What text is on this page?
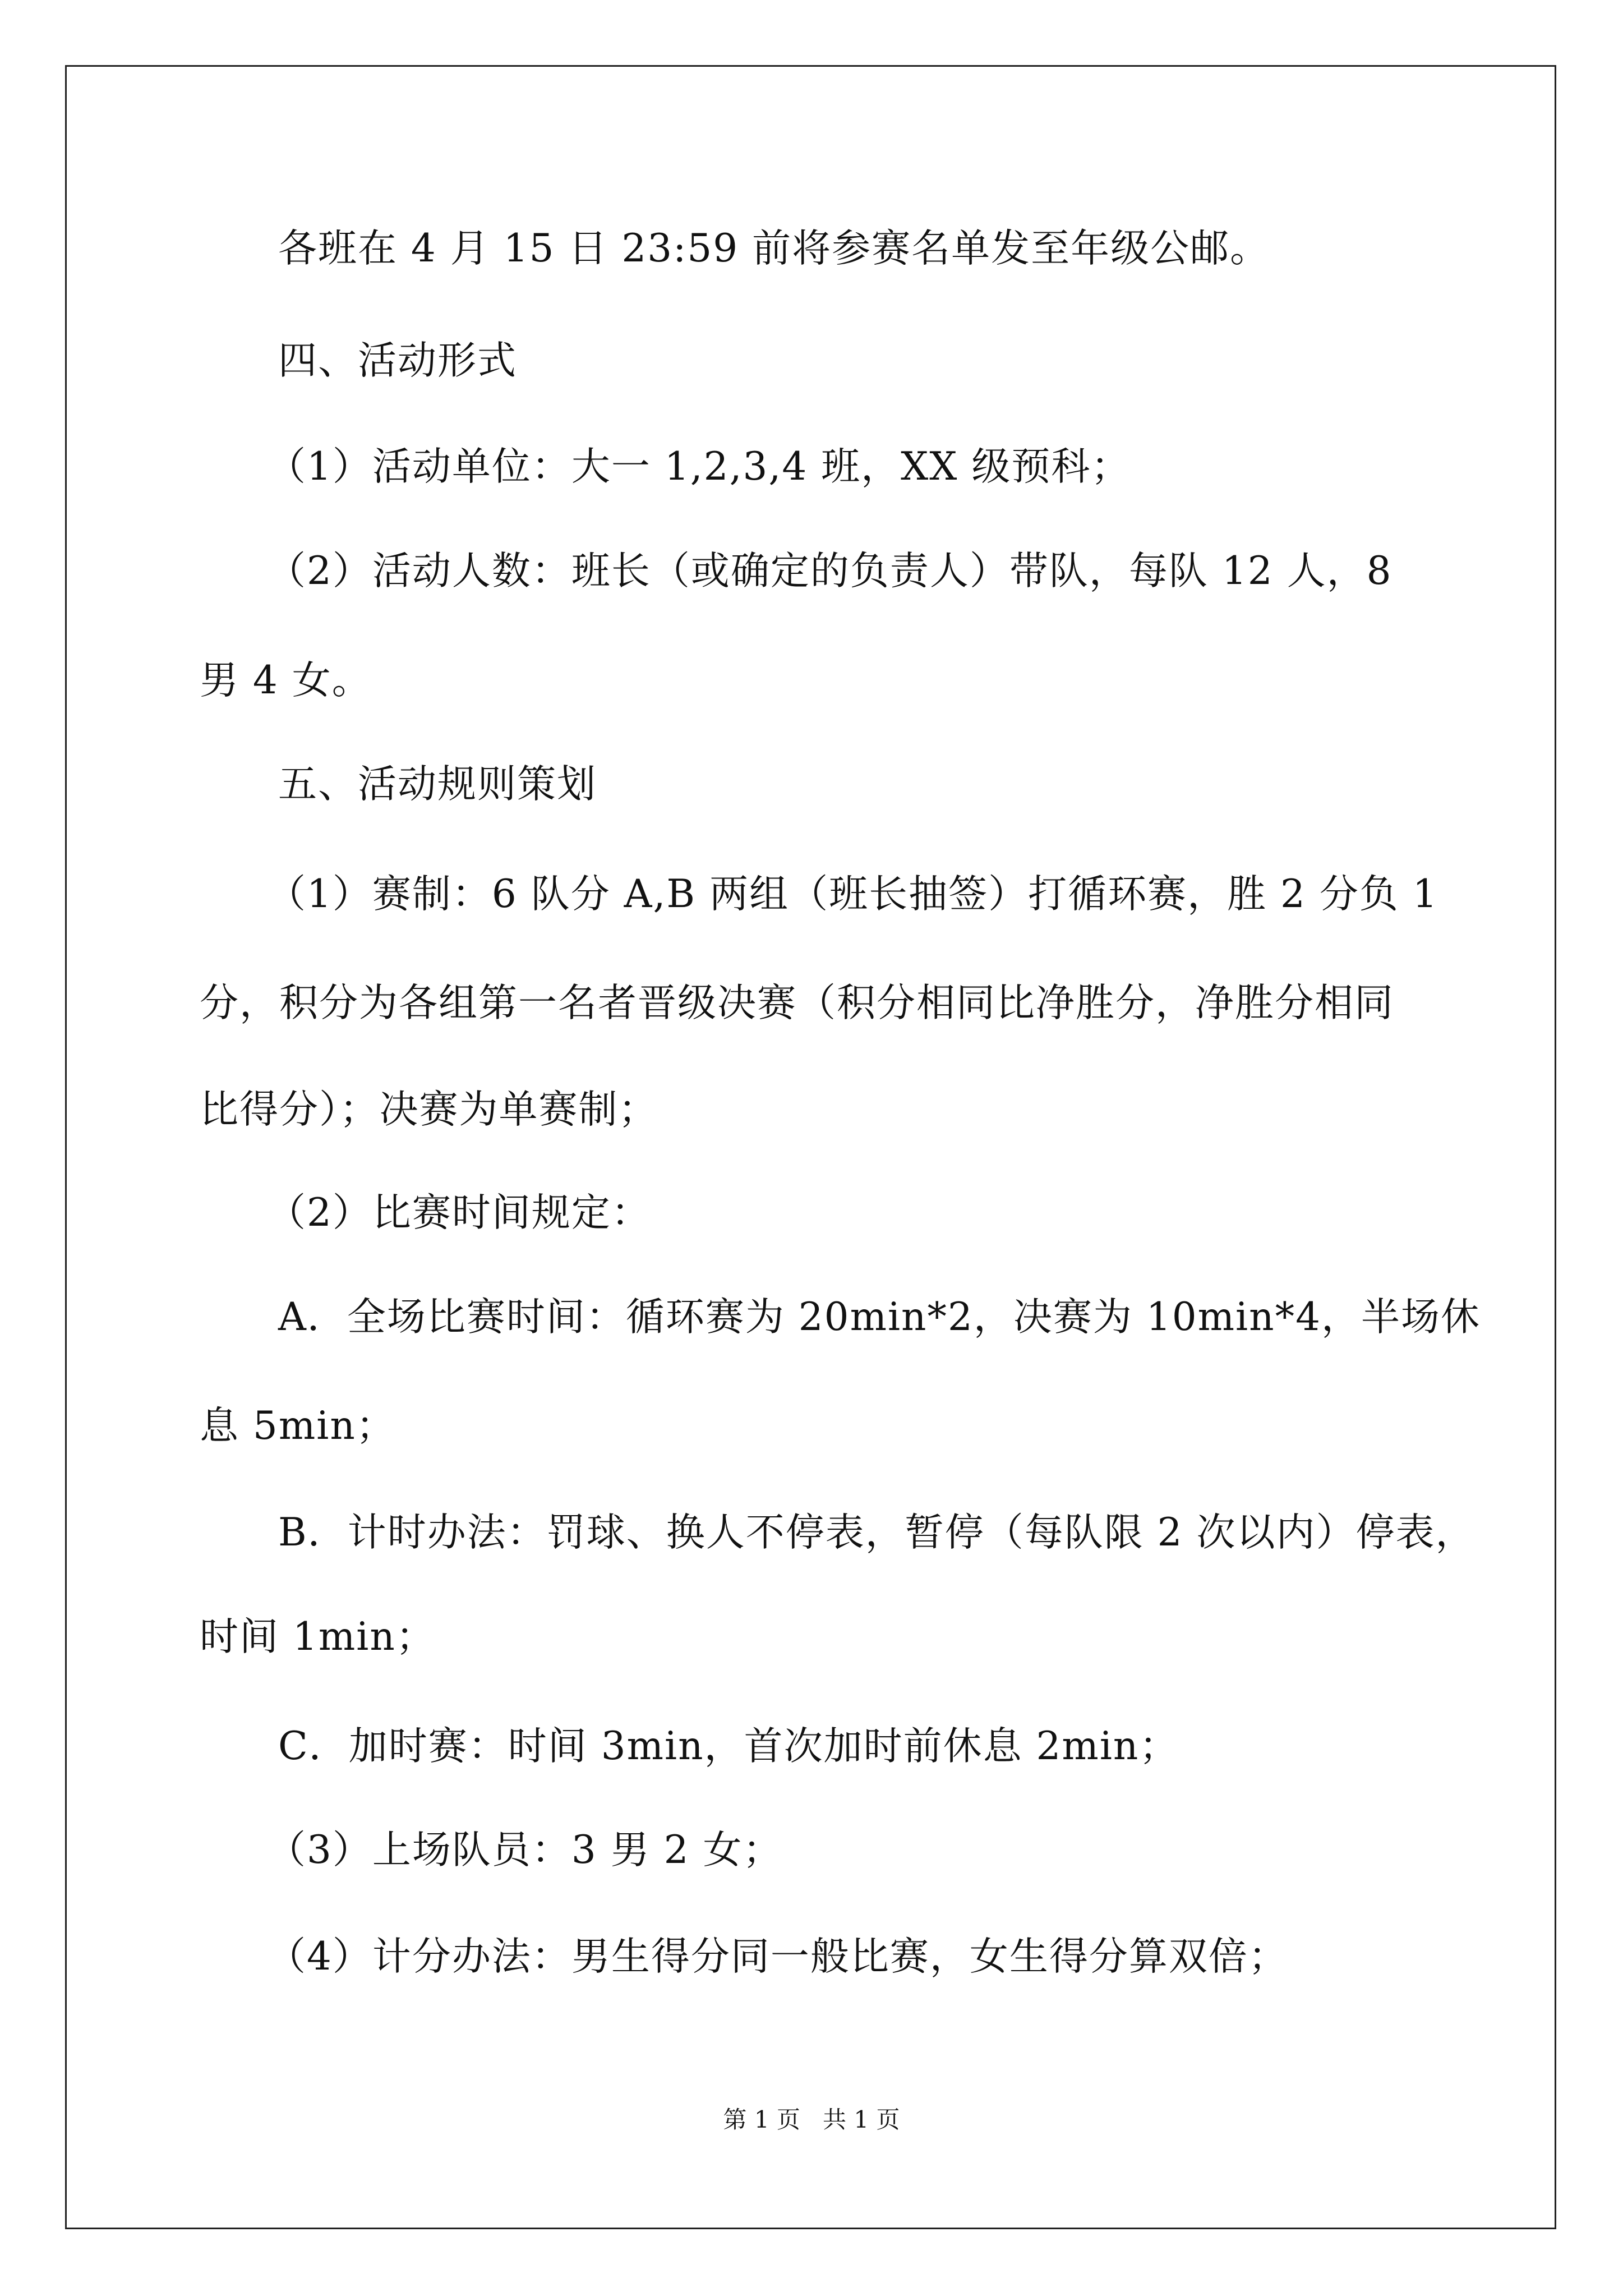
各班在 4 月 15 日 23:59 前将参赛名单发至年级公邮。
四、活动形式
（1）活动单位：大一 1,2,3,4 班，XX 级预科；
（2）活动人数：班长（或确定的负责人）带队，每队 12 人，8
男 4 女。
五、活动规则策划
（1）赛制：6 队分 A,B 两组（班长抽签）打循环赛，胜 2 分负 1
分，积分为各组第一名者晋级决赛（积分相同比净胜分，净胜分相同
比得分）；决赛为单赛制；
（2）比赛时间规定：
A．全场比赛时间：循环赛为 20min*2，决赛为 10min*4，半场休
息 5min；
B．计时办法：罚球、换人不停表，暂停（每队限 2 次以内）停表，
时间 1min；
C．加时赛：时间 3min，首次加时前休息 2min；
（3）上场队员：3 男 2 女；
（4）计分办法：男生得分同一般比赛，女生得分算双倍；
第 1 页   共 1 页
